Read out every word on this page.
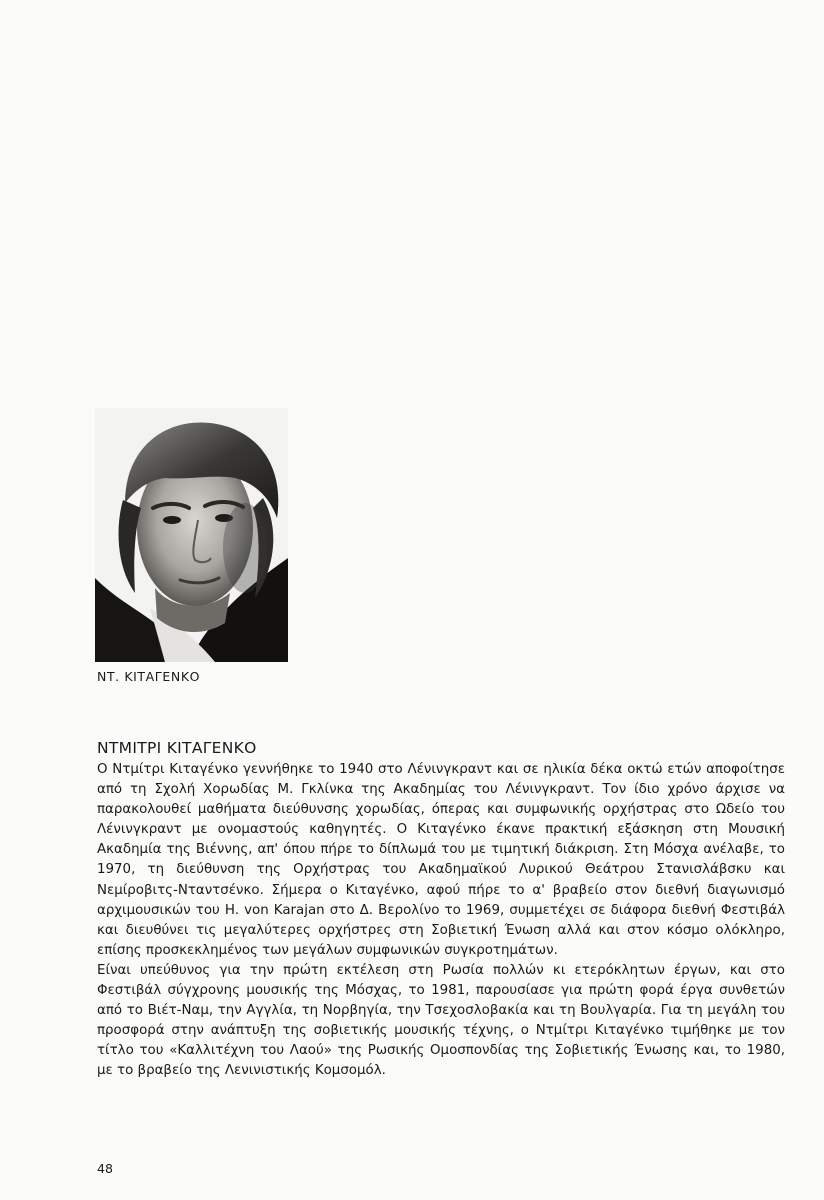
ΝΤ. ΚΙΤΑΓΕΝΚΟ
ΝΤΜΙΤΡΙ ΚΙΤΑΓΕΝΚΟ

Ο Ντμίτρι Κιταγένκο γεννήθηκε το 1940 στο Λένινγκραντ και σε ηλικία δέκα οκτώ ετών αποφοίτησε από τη Σχολή Χορωδίας Μ. Γκλίνκα της Ακαδημίας του Λένινγκραντ. Τον ίδιο χρόνο άρχισε να παρακολουθεί μαθήματα διεύθυνσης χορωδίας, όπερας και συμφωνικής ορχήστρας στο Ωδείο του Λένινγκραντ με ονομαστούς καθηγητές. Ο Κιταγένκο έκανε πρακτική εξάσκηση στη Μουσική Ακαδημία της Βιέννης, απ' όπου πήρε το δίπλωμά του με τιμητική διάκριση. Στη Μόσχα ανέλαβε, το 1970, τη διεύθυνση της Ορχήστρας του Ακαδημαϊκού Λυρικού Θεάτρου Στανισλάβσκυ και Νεμίροβιτς-Νταντσένκο. Σήμερα ο Κιταγένκο, αφού πήρε το α' βραβείο στον διεθνή διαγωνισμό αρχιμουσικών του H. von Karajan στο Δ. Βερολίνο το 1969, συμμετέχει σε διάφορα διεθνή Φεστιβάλ και διευθύνει τις μεγαλύτερες ορχήστρες στη Σοβιετική Ένωση αλλά και στον κόσμο ολόκληρο, επίσης προσκεκλημένος των μεγάλων συμφωνικών συγκροτημάτων.

Είναι υπεύθυνος για την πρώτη εκτέλεση στη Ρωσία πολλών κι ετερόκλητων έργων, και στο Φεστιβάλ σύγχρονης μουσικής της Μόσχας, το 1981, παρουσίασε για πρώτη φορά έργα συνθετών από το Βιέτ-Ναμ, την Αγγλία, τη Νορβηγία, την Τσεχοσλοβακία και τη Βουλγαρία. Για τη μεγάλη του προσφορά στην ανάπτυξη της σοβιετικής μουσικής τέχνης, ο Ντμίτρι Κιταγένκο τιμήθηκε με τον τίτλο του «Καλλιτέχνη του Λαού» της Ρωσικής Ομοσπονδίας της Σοβιετικής Ένωσης και, το 1980, με το βραβείο της Λενινιστικής Κομσομόλ.

48
